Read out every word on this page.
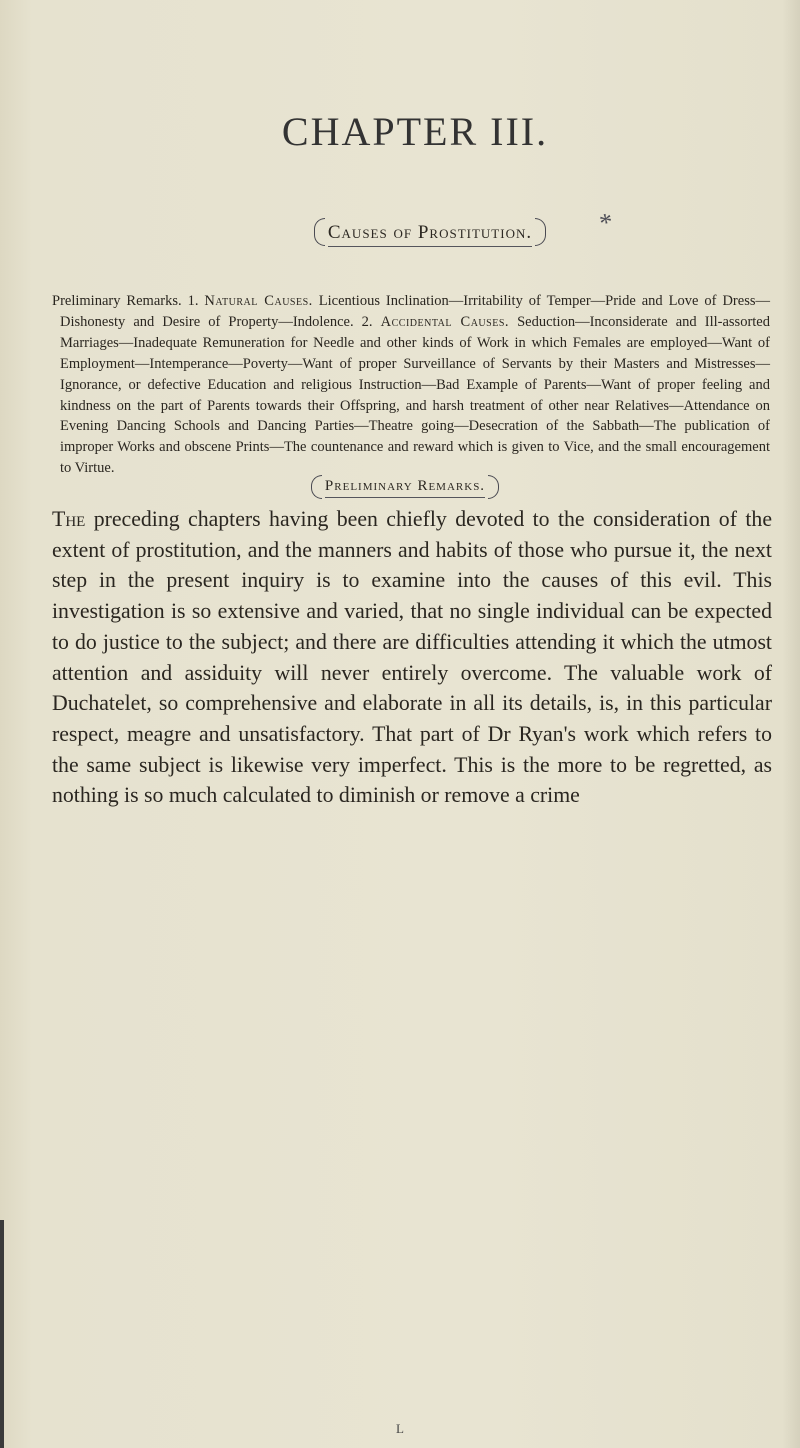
CHAPTER III.
Causes of Prostitution.	*
Preliminary Remarks. 1. Natural Causes. Licentious Inclination—Irritability of Temper—Pride and Love of Dress—Dishonesty and Desire of Property—Indolence. 2. Accidental Causes. Seduction—Inconsiderate and Ill-assorted Marriages—Inadequate Remuneration for Needle and other kinds of Work in which Females are employed—Want of Employment—Intemperance—Poverty—Want of proper Surveillance of Servants by their Masters and Mistresses—Ignorance, or defective Education and religious Instruction—Bad Example of Parents—Want of proper feeling and kindness on the part of Parents towards their Offspring, and harsh treatment of other near Relatives—Attendance on Evening Dancing Schools and Dancing Parties—Theatre going—Desecration of the Sabbath—The publication of improper Works and obscene Prints—The countenance and reward which is given to Vice, and the small encouragement to Virtue.
Preliminary Remarks.
The preceding chapters having been chiefly devoted to the consideration of the extent of prostitution, and the manners and habits of those who pursue it, the next step in the present inquiry is to examine into the causes of this evil. This investigation is so extensive and varied, that no single individual can be expected to do justice to the subject; and there are difficulties attending it which the utmost attention and assiduity will never entirely overcome. The valuable work of Duchatelet, so comprehensive and elaborate in all its details, is, in this particular respect, meagre and unsatisfactory. That part of Dr Ryan's work which refers to the same subject is likewise very imperfect. This is the more to be regretted, as nothing is so much calculated to diminish or remove a crime
L
